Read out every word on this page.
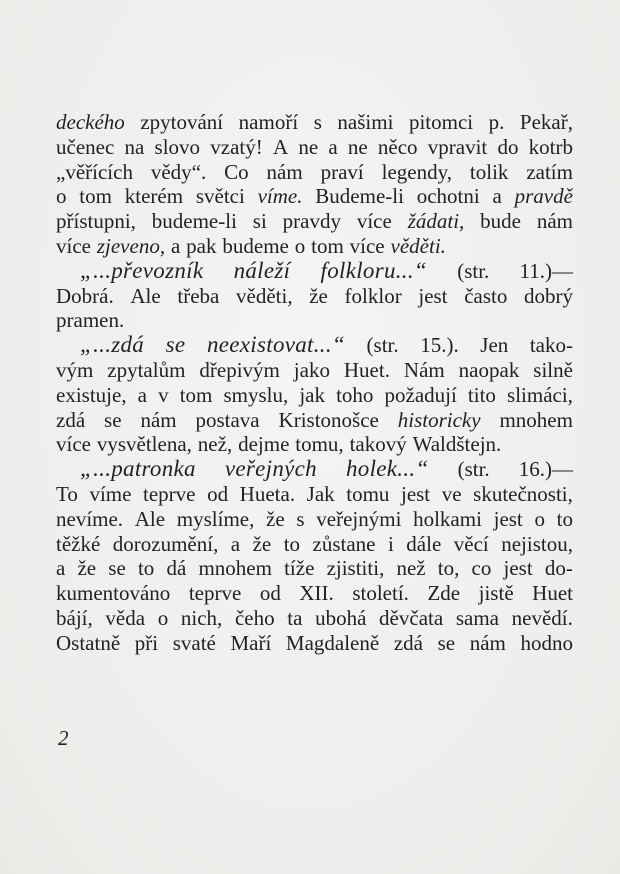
deckého zpytování namoří s našimi pitomci p. Pekař,
učenec na slovo vzatý! A ne a ne něco vpravit do kotrb
„věřících vědy“. Co nám praví legendy, tolik zatím
o tom kterém světci víme. Budeme-li ochotni a pravdě
přístupni, budeme-li si pravdy více žádati, bude nám
více zjeveno, a pak budeme o tom více věděti.
„...převozník náleží folkloru...“ (str. 11.)—
Dobrá. Ale třeba věděti, že folklor jest často dobrý
pramen.
„...zdá se neexistovat...“ (str. 15.). Jen tako-
vým zpytalům dřepivým jako Huet. Nám naopak silně
existuje, a v tom smyslu, jak toho požadují tito slimáci,
zdá se nám postava Kristonošce historicky mnohem
více vysvětlena, než, dejme tomu, takový Waldštejn.
„...patronka veřejných holek...“ (str. 16.)—
To víme teprve od Hueta. Jak tomu jest ve skutečnosti,
nevíme. Ale myslíme, že s veřejnými holkami jest o to
těžké dorozumění, a že to zůstane i dále věcí nejistou,
a že se to dá mnohem tíže zjistiti, než to, co jest do-
kumentováno teprve od XII. století. Zde jistě Huet
bájí, věda o nich, čeho ta ubohá děvčata sama nevědí.
Ostatně při svaté Maří Magdaleně zdá se nám hodno
2
